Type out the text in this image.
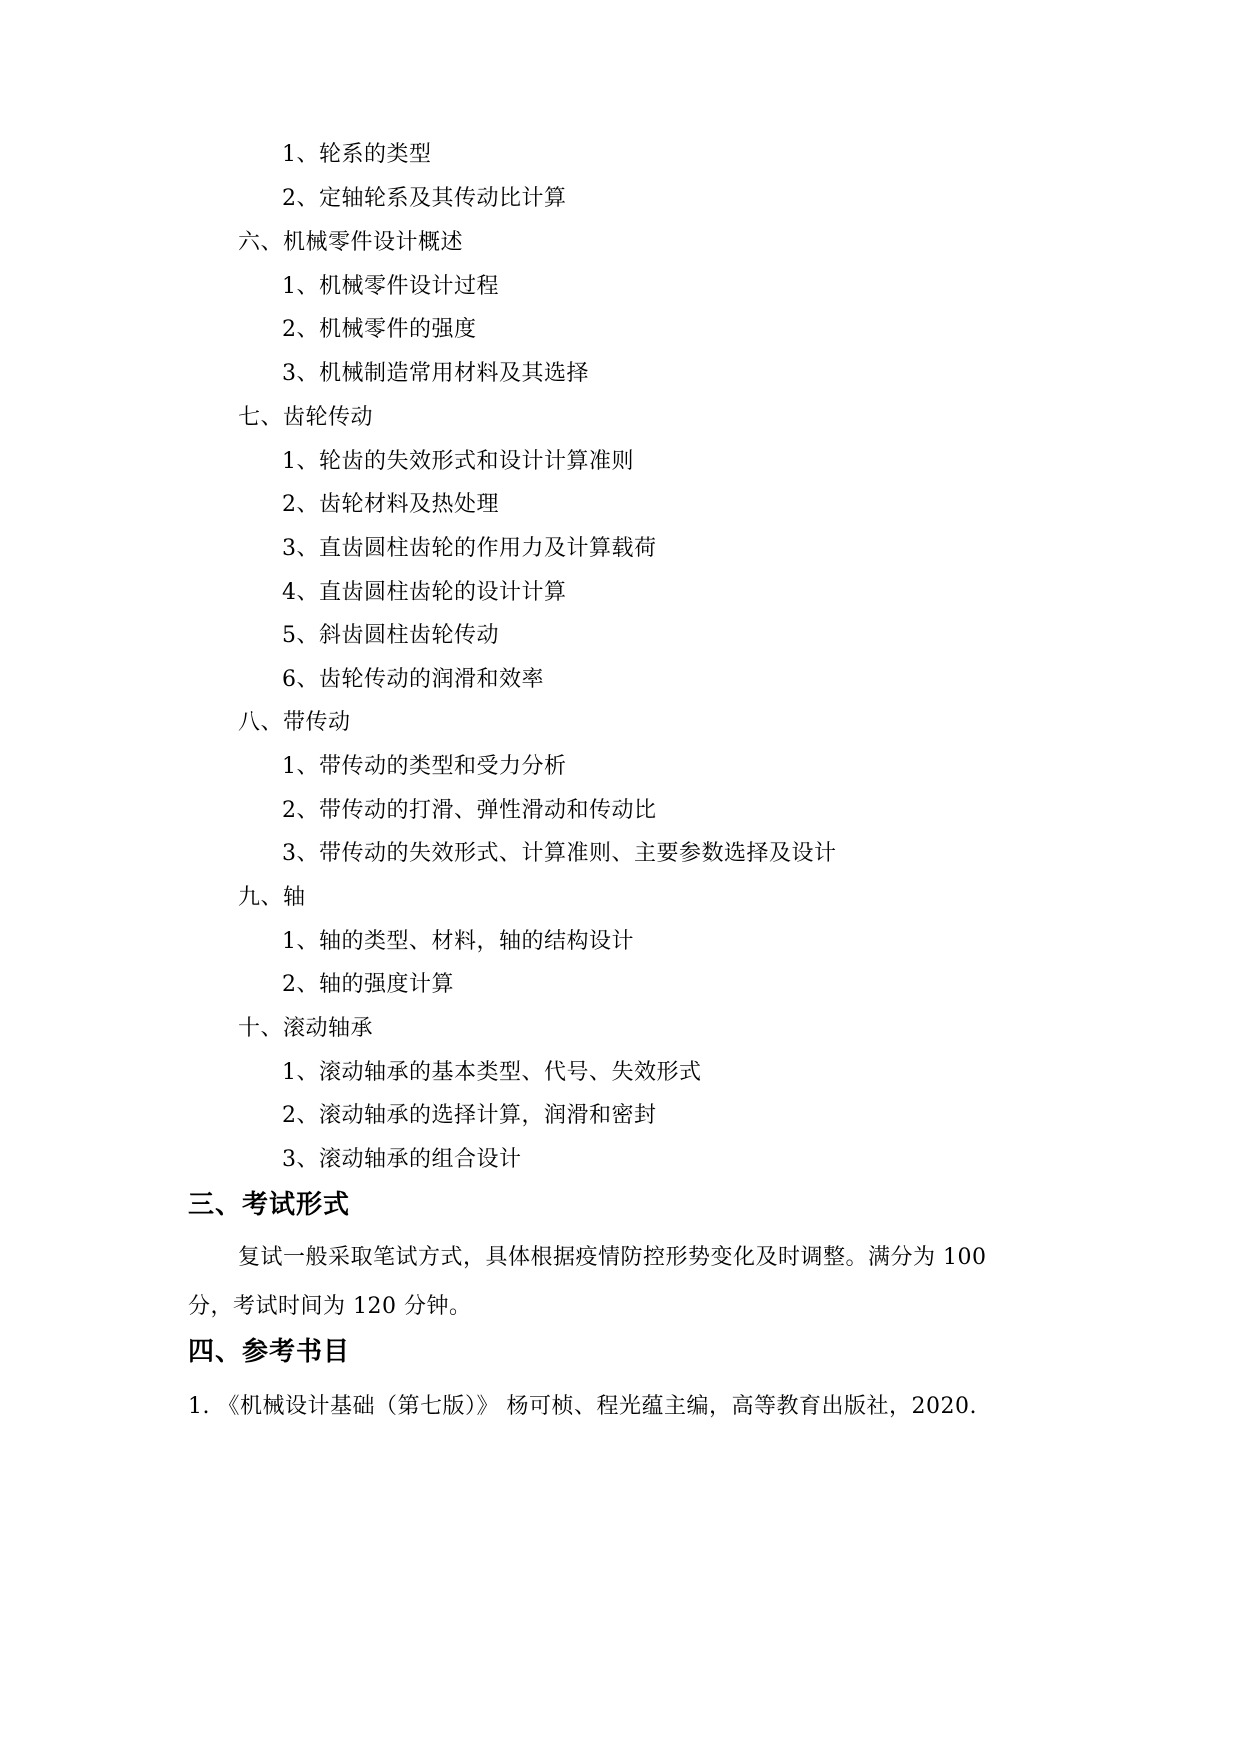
1、轮系的类型
2、定轴轮系及其传动比计算
六、机械零件设计概述
1、机械零件设计过程
2、机械零件的强度
3、机械制造常用材料及其选择
七、齿轮传动
1、轮齿的失效形式和设计计算准则
2、齿轮材料及热处理
3、直齿圆柱齿轮的作用力及计算载荷
4、直齿圆柱齿轮的设计计算
5、斜齿圆柱齿轮传动
6、齿轮传动的润滑和效率
八、带传动
1、带传动的类型和受力分析
2、带传动的打滑、弹性滑动和传动比
3、带传动的失效形式、计算准则、主要参数选择及设计
九、轴
1、轴的类型、材料，轴的结构设计
2、轴的强度计算
十、滚动轴承
1、滚动轴承的基本类型、代号、失效形式
2、滚动轴承的选择计算，润滑和密封
3、滚动轴承的组合设计
三、考试形式
复试一般采取笔试方式，具体根据疫情防控形势变化及时调整。满分为 100
分，考试时间为 120 分钟。
四、参考书目
1. 《机械设计基础（第七版）》 杨可桢、程光蕴主编，高等教育出版社，2020.
